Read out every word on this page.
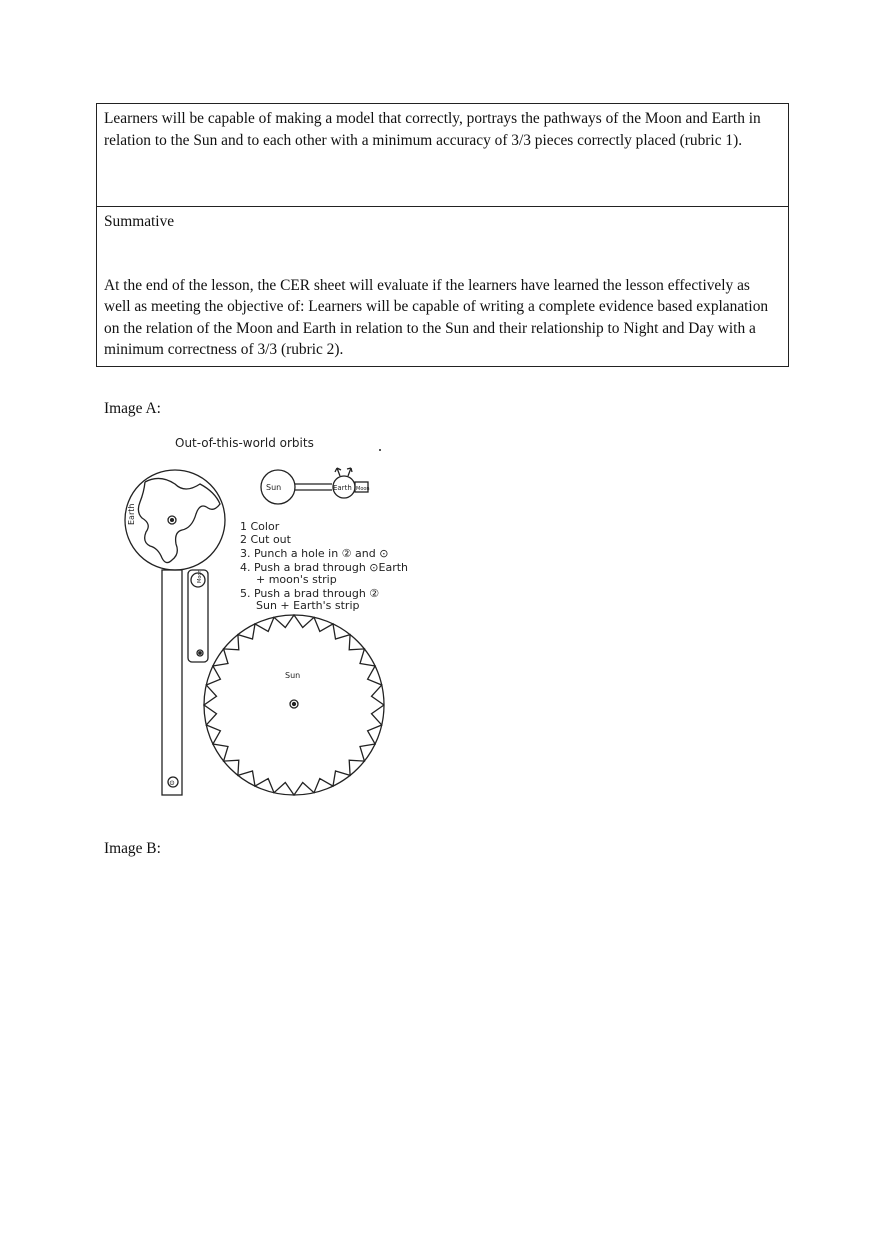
Learners will be capable of making a model that correctly, portrays the pathways of the Moon and Earth in relation to the Sun and to each other with a minimum accuracy of 3/3 pieces correctly placed (rubric 1).
Summative
At the end of the lesson, the CER sheet will evaluate if the learners have learned the lesson effectively as well as meeting the objective of: Learners will be capable of writing a complete evidence based explanation on the relation of the Moon and Earth in relation to the Sun and their relationship to Night and Day with a minimum correctness of 3/3 (rubric 2).
Image A:
Out-of-this-world orbits
Sun	Earth Moon
Earth
⊙
Moon
1 Color
2 Cut out
3. Punch a hole in ② and ⊙
4. Push a brad through ⊙Earth
+ moon's strip
5. Push a brad through ②
Sun + Earth's strip
Sun
Image B:
